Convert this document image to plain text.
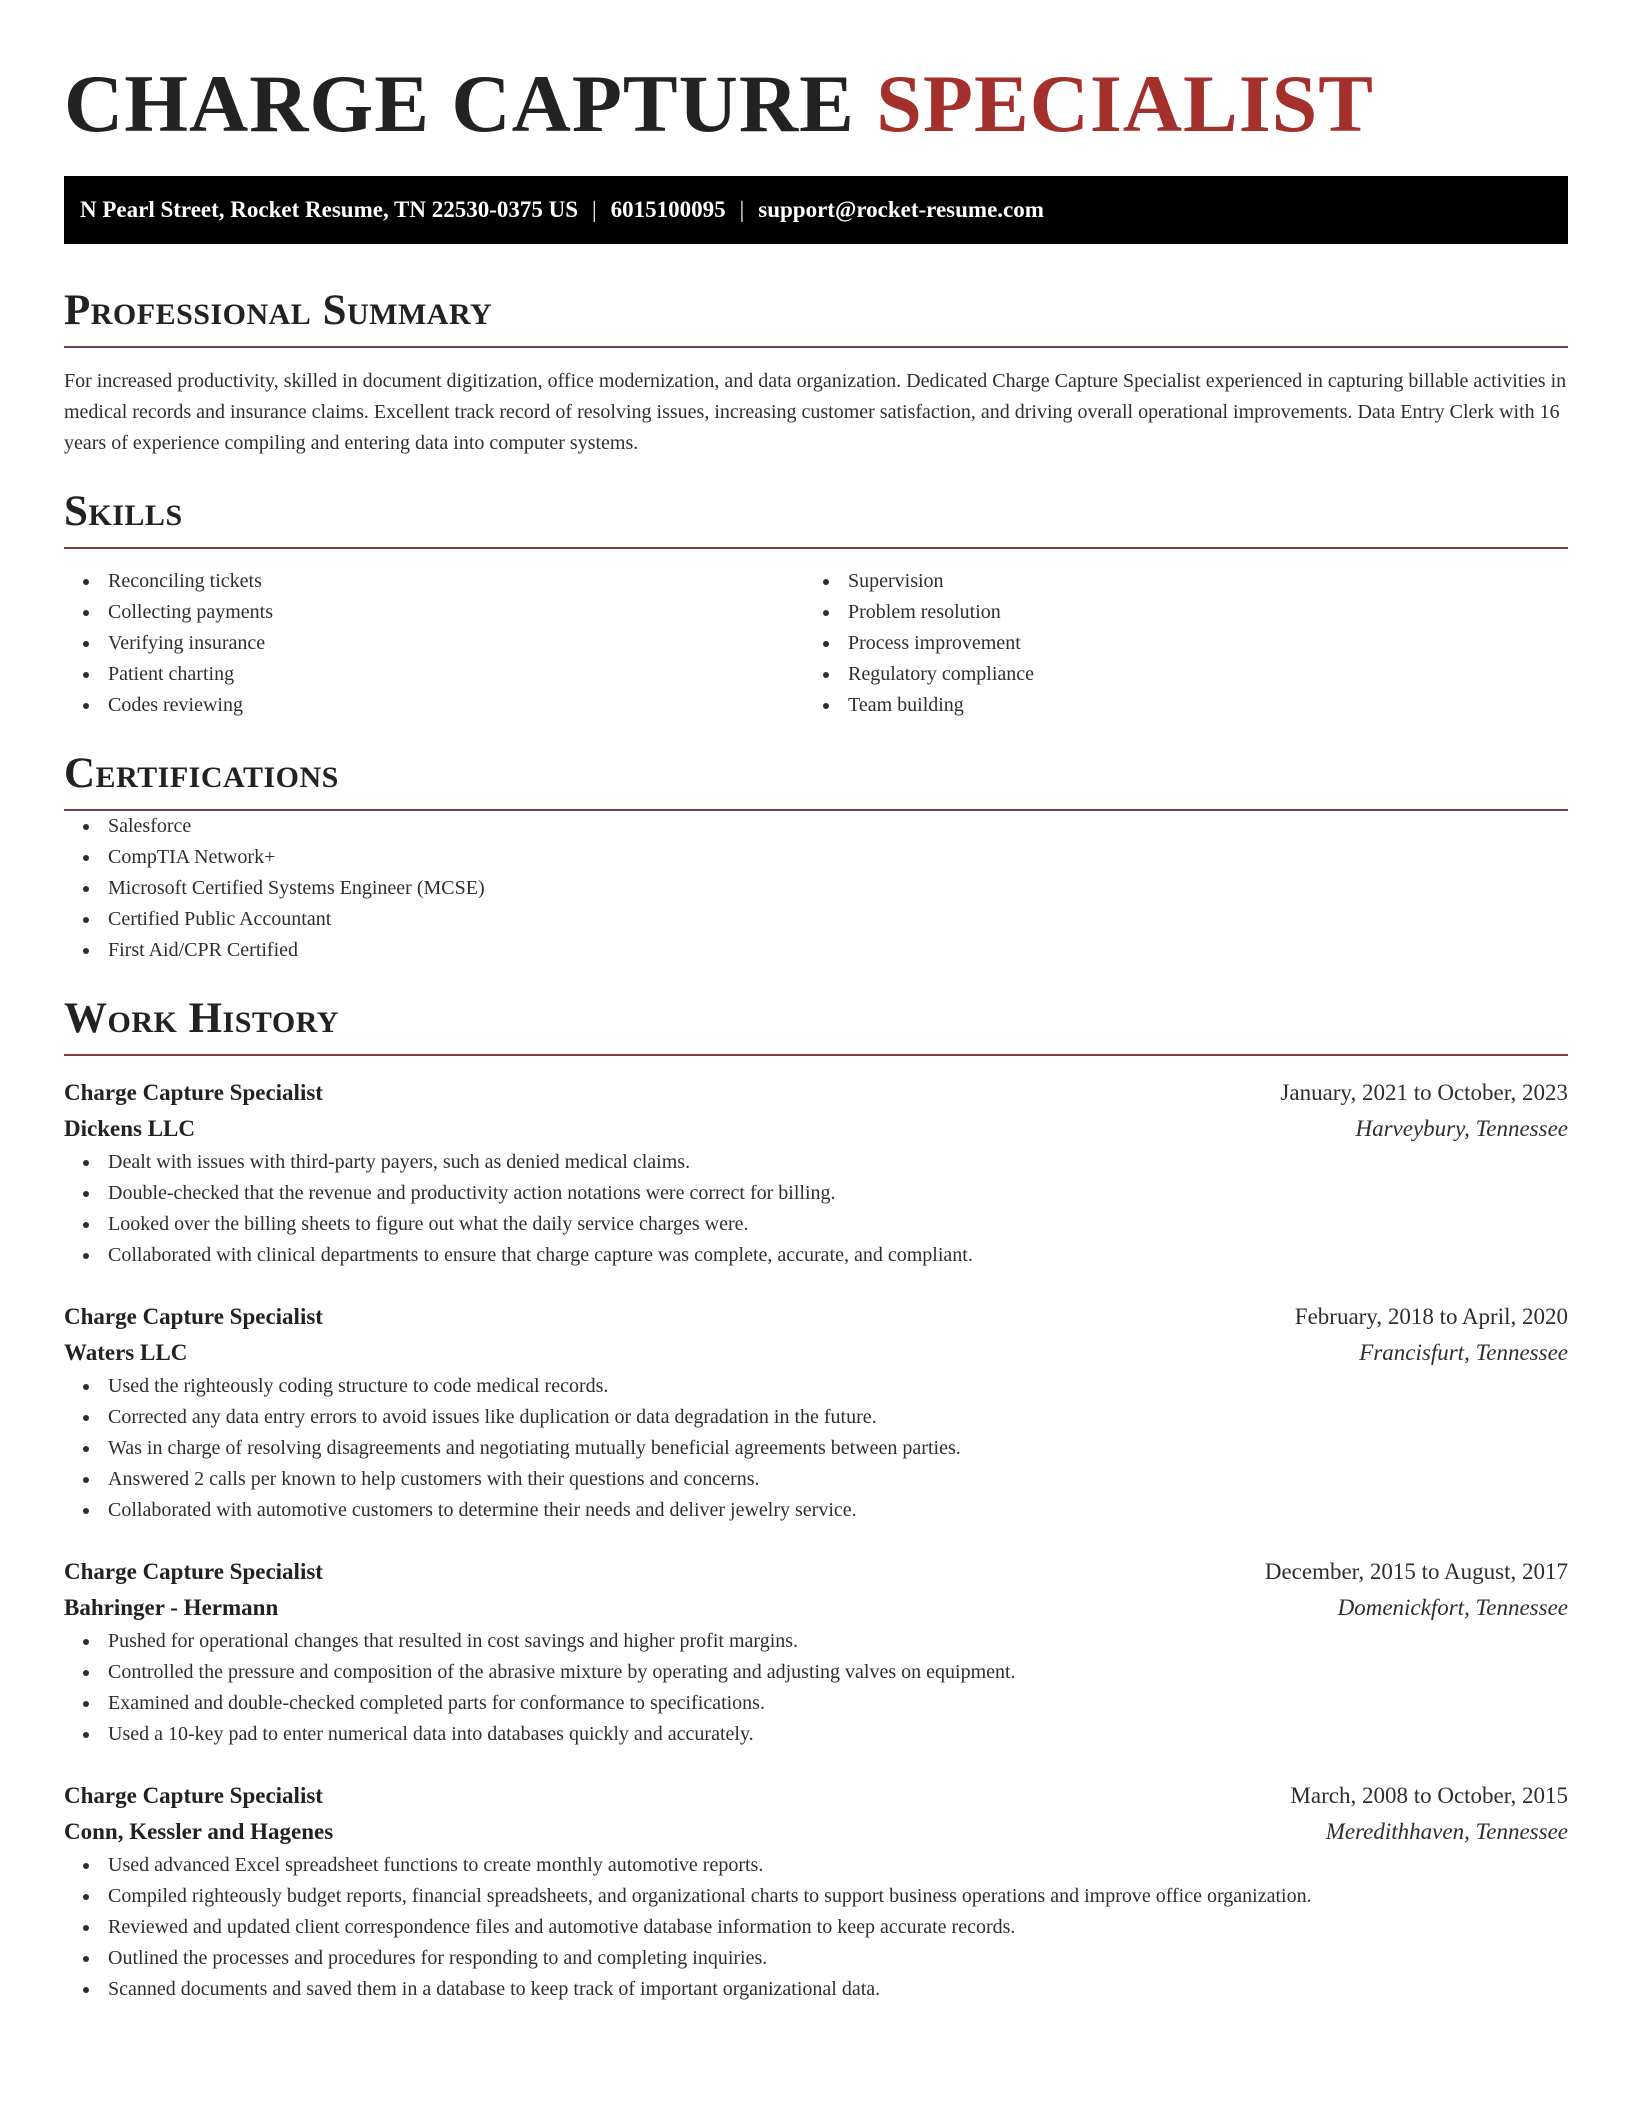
CHARGE CAPTURE SPECIALIST
N Pearl Street, Rocket Resume, TN 22530-0375 US | 6015100095 | support@rocket-resume.com
Professional Summary

For increased productivity, skilled in document digitization, office modernization, and data organization. Dedicated Charge Capture Specialist experienced in capturing billable activities in medical records and insurance claims. Excellent track record of resolving issues, increasing customer satisfaction, and driving overall operational improvements. Data Entry Clerk with 16 years of experience compiling and entering data into computer systems.

Skills
Reconciling tickets
Collecting payments
Verifying insurance
Patient charting
Codes reviewing
Supervision
Problem resolution
Process improvement
Regulatory compliance
Team building
Certifications
Salesforce
CompTIA Network+
Microsoft Certified Systems Engineer (MCSE)
Certified Public Accountant
First Aid/CPR Certified
Work History
Charge Capture Specialist	January, 2021 to October, 2023
Dickens LLC	Harveybury, Tennessee
Dealt with issues with third-party payers, such as denied medical claims.
Double-checked that the revenue and productivity action notations were correct for billing.
Looked over the billing sheets to figure out what the daily service charges were.
Collaborated with clinical departments to ensure that charge capture was complete, accurate, and compliant.
Charge Capture Specialist	February, 2018 to April, 2020
Waters LLC	Francisfurt, Tennessee
Used the righteously coding structure to code medical records.
Corrected any data entry errors to avoid issues like duplication or data degradation in the future.
Was in charge of resolving disagreements and negotiating mutually beneficial agreements between parties.
Answered 2 calls per known to help customers with their questions and concerns.
Collaborated with automotive customers to determine their needs and deliver jewelry service.
Charge Capture Specialist	December, 2015 to August, 2017
Bahringer - Hermann	Domenickfort, Tennessee
Pushed for operational changes that resulted in cost savings and higher profit margins.
Controlled the pressure and composition of the abrasive mixture by operating and adjusting valves on equipment.
Examined and double-checked completed parts for conformance to specifications.
Used a 10-key pad to enter numerical data into databases quickly and accurately.
Charge Capture Specialist	March, 2008 to October, 2015
Conn, Kessler and Hagenes	Meredithhaven, Tennessee
Used advanced Excel spreadsheet functions to create monthly automotive reports.
Compiled righteously budget reports, financial spreadsheets, and organizational charts to support business operations and improve office organization.
Reviewed and updated client correspondence files and automotive database information to keep accurate records.
Outlined the processes and procedures for responding to and completing inquiries.
Scanned documents and saved them in a database to keep track of important organizational data.
